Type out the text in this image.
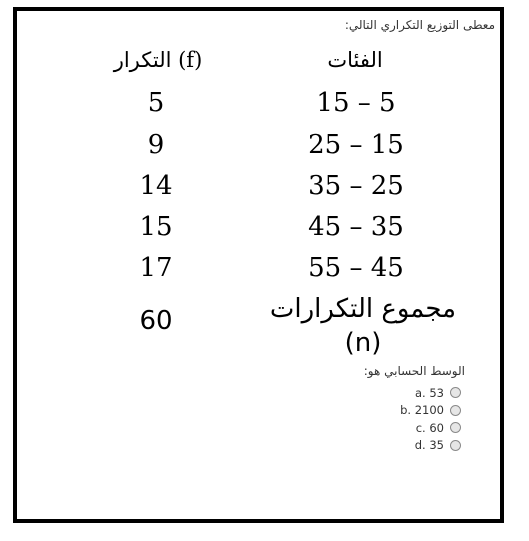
معطى التوزيع التكراري التالي:
التكرار (f)	الفئات
15 – 5
5
25 – 15
9
35 – 25
14
45 – 35
15
55 – 45
17
مجموع التكرارات (n)
60
الوسط الحسابي هو:
a. 53
b. 2100
c. 60
d. 35
